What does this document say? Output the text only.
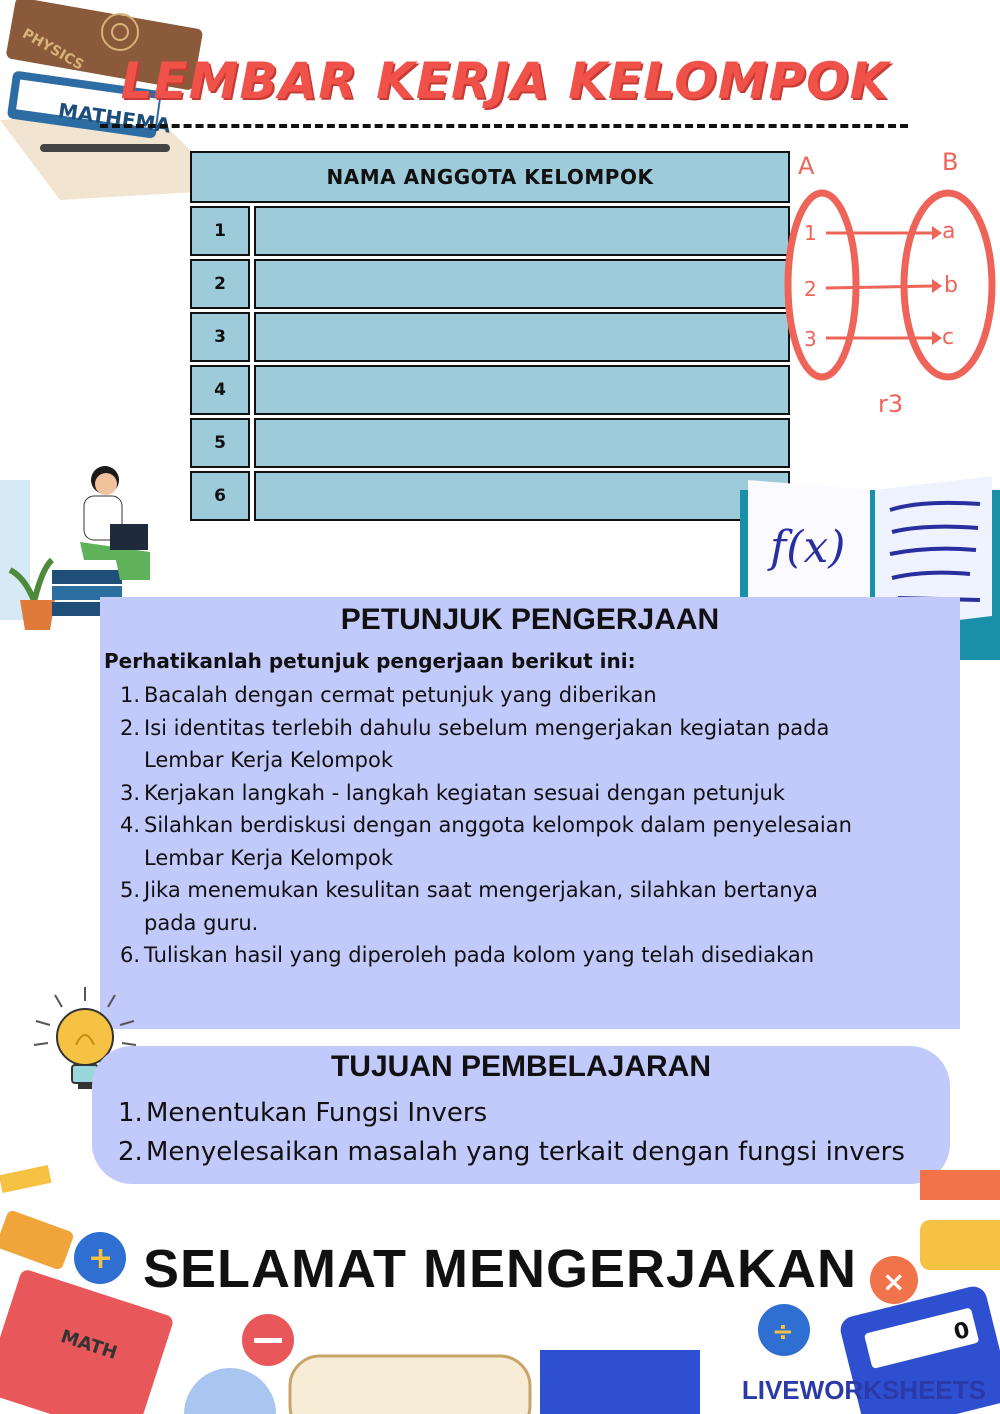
MATHEMA
PHYSICS
LEMBAR KERJA KELOMPOK
NAMA ANGGOTA KELOMPOK
1
2
3
4
5
6
A	B
1
2
3
a
b
c
r3
f(x)
PETUNJUK PENGERJAAN
Perhatikanlah petunjuk pengerjaan berikut ini:
1. Bacalah dengan cermat petunjuk yang diberikan
2. Isi identitas terlebih dahulu sebelum mengerjakan kegiatan pada
Lembar Kerja Kelompok
3. Kerjakan langkah - langkah kegiatan sesuai dengan petunjuk
4. Silahkan berdiskusi dengan anggota kelompok dalam penyelesaian
Lembar Kerja Kelompok
5. Jika menemukan kesulitan saat mengerjakan, silahkan bertanya
pada guru.
6. Tuliskan hasil yang diperoleh pada kolom yang telah disediakan
TUJUAN PEMBELAJARAN
1. Menentukan Fungsi Invers
2. Menyelesaikan masalah yang terkait dengan fungsi invers
+
MATH	÷
×
0
SELAMAT MENGERJAKAN
LIVEWORKSHEETS
